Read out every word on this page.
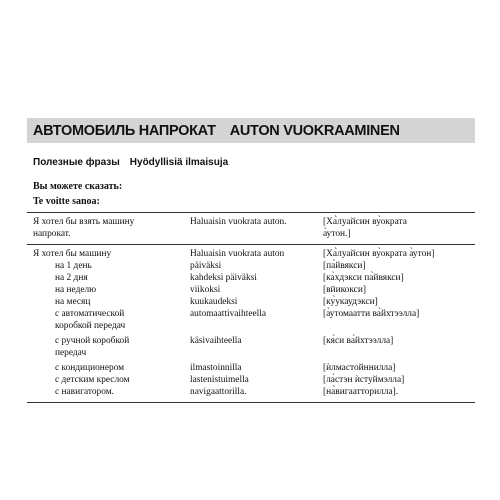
АВТОМОБИЛЬ НАПРОКАТ AUTON VUOKRAAMINEN
Полезные фразы Hyödyllisiä ilmaisuja
Вы можете сказать:
Te voitte sanoa:
Я хотел бы взять машину
напрокат.
Haluaisin vuokrata auton.	[Ха̀луайсин ву̀ократа
а̀утон.]
Я хотел бы машину	Haluaisin vuokrata auton	[Ха̀луайсин ву̀ократа а̀утон]
на 1 день	päiväksi	[па̀йвякси]
на 2 дня	kahdeksi päiväksi	[ка̀хдэкси па̀йвякси]
на неделю	viikoksi	[вӣикокси]
на месяц	kuukaudeksi	[ку̀укаудэкси]
с автоматической
коробкой передач
automaattivaihteella	[а̀утомаатти ва̀йхтээлла]
с ручной коробкой
передач
käsivaihteella	[кя̀си ва̀йхтээлла]
с кондиционером	ilmastoinnilla	[ѝлмастойннилла]
с детским креслом	lastenistuimella	[ла̀стэн ѝстуймэлла]
с навигатором.	navigaattorilla.	[на̀вигаатторилла].
